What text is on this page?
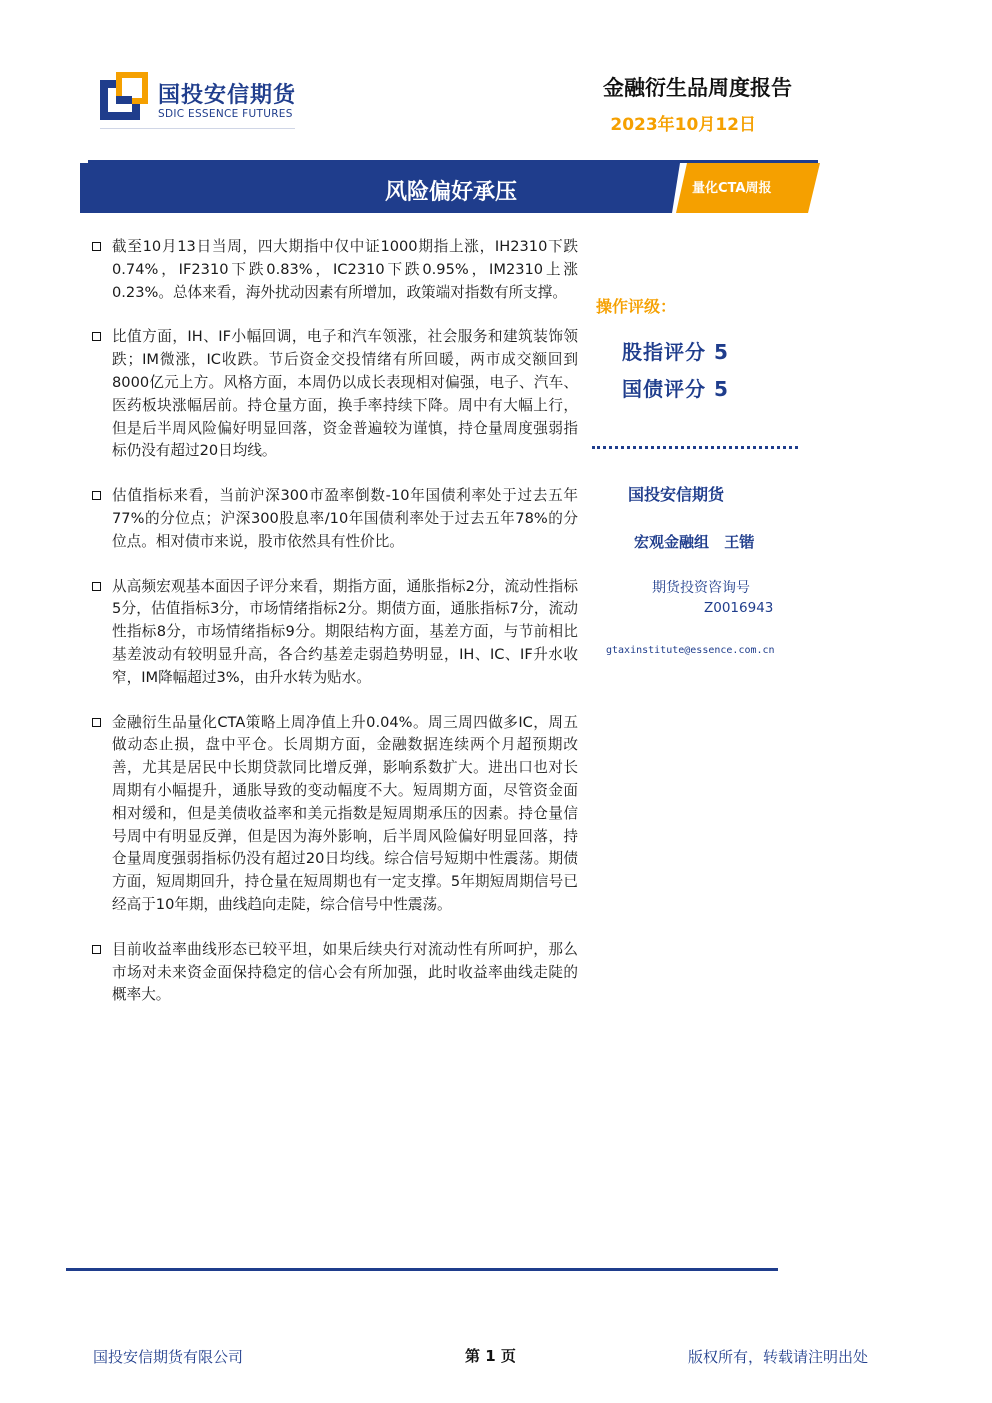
国投安信期货
SDIC ESSENCE FUTURES
金融衍生品周度报告
2023年10月12日
风险偏好承压	量化CTA周报
截至10月13日当周，四大期指中仅中证1000期指上涨，IH2310下跌0.74%，IF2310下跌0.83%，IC2310下跌0.95%，IM2310上涨0.23%。总体来看，海外扰动因素有所增加，政策端对指数有所支撑。
比值方面，IH、IF小幅回调，电子和汽车领涨，社会服务和建筑装饰领跌；IM微涨，IC收跌。节后资金交投情绪有所回暖，两市成交额回到8000亿元上方。风格方面，本周仍以成长表现相对偏强，电子、汽车、医药板块涨幅居前。持仓量方面，换手率持续下降。周中有大幅上行，但是后半周风险偏好明显回落，资金普遍较为谨慎，持仓量周度强弱指标仍没有超过20日均线。
估值指标来看，当前沪深300市盈率倒数-10年国债利率处于过去五年77%的分位点；沪深300股息率/10年国债利率处于过去五年78%的分位点。相对债市来说，股市依然具有性价比。
从高频宏观基本面因子评分来看，期指方面，通胀指标2分，流动性指标5分，估值指标3分，市场情绪指标2分。期债方面，通胀指标7分，流动性指标8分，市场情绪指标9分。期限结构方面，基差方面，与节前相比基差波动有较明显升高，各合约基差走弱趋势明显，IH、IC、IF升水收窄，IM降幅超过3%，由升水转为贴水。
金融衍生品量化CTA策略上周净值上升0.04%。周三周四做多IC，周五做动态止损，盘中平仓。长周期方面，金融数据连续两个月超预期改善，尤其是居民中长期贷款同比增反弹，影响系数扩大。进出口也对长周期有小幅提升，通胀导致的变动幅度不大。短周期方面，尽管资金面相对缓和，但是美债收益率和美元指数是短周期承压的因素。持仓量信号周中有明显反弹，但是因为海外影响，后半周风险偏好明显回落，持仓量周度强弱指标仍没有超过20日均线。综合信号短期中性震荡。期债方面，短周期回升，持仓量在短周期也有一定支撑。5年期短周期信号已经高于10年期，曲线趋向走陡，综合信号中性震荡。
目前收益率曲线形态已较平坦，如果后续央行对流动性有所呵护，那么市场对未来资金面保持稳定的信心会有所加强，此时收益率曲线走陡的概率大。
操作评级：
股指评分 5
国债评分 5
国投安信期货
宏观金融组 王锴
期货投资咨询号
Z0016943
gtaxinstitute@essence.com.cn
国投安信期货有限公司	第 1 页	版权所有，转载请注明出处
